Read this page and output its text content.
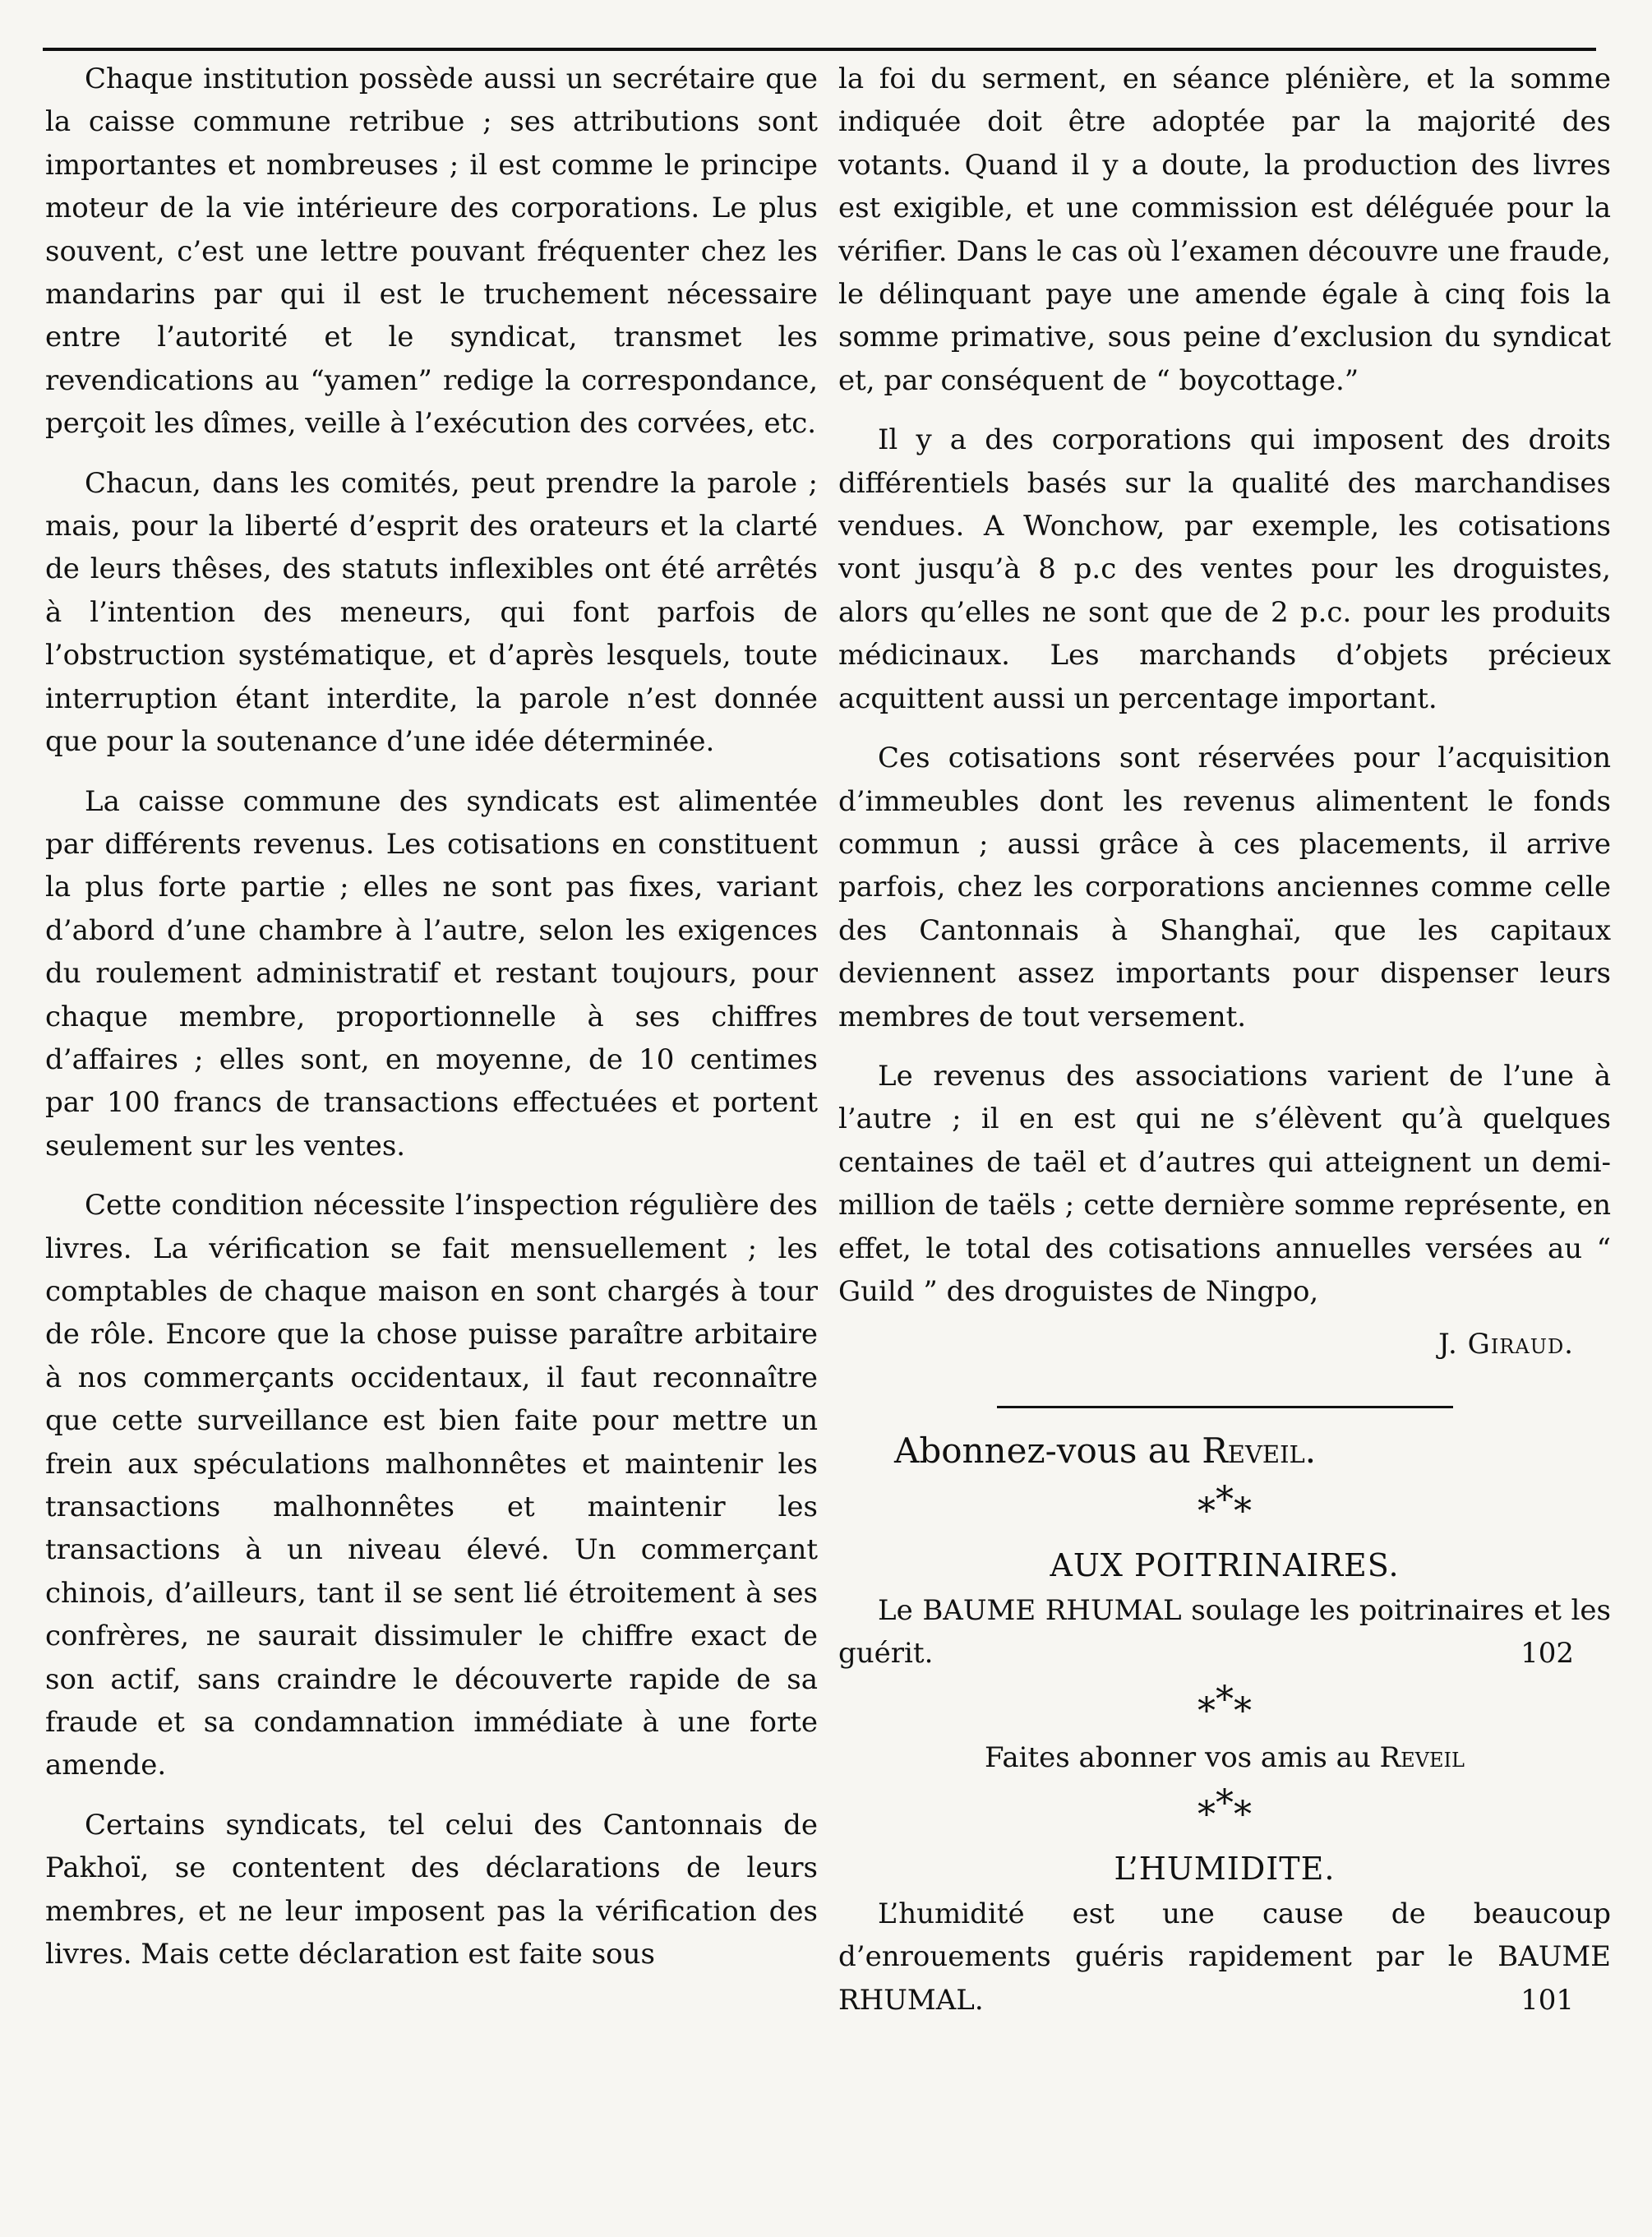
Chaque institution possède aussi un secrétaire que la caisse commune retribue ; ses attributions sont importantes et nombreuses ; il est comme le principe moteur de la vie intérieure des corporations. Le plus souvent, c’est une lettre pouvant fréquenter chez les mandarins par qui il est le truchement nécessaire entre l’autorité et le syndicat, transmet les revendications au “yamen” redige la correspondance, perçoit les dîmes, veille à l’exécution des corvées, etc.

Chacun, dans les comités, peut prendre la parole ; mais, pour la liberté d’esprit des orateurs et la clarté de leurs thêses, des statuts inflexibles ont été arrêtés à l’intention des meneurs, qui font parfois de l’obstruction systématique, et d’après lesquels, toute interruption étant interdite, la parole n’est donnée que pour la soutenance d’une idée déterminée.

La caisse commune des syndicats est alimentée par différents revenus. Les cotisations en constituent la plus forte partie ; elles ne sont pas fixes, variant d’abord d’une chambre à l’autre, selon les exigences du roulement administratif et restant toujours, pour chaque membre, proportionnelle à ses chiffres d’affaires ; elles sont, en moyenne, de 10 centimes par 100 francs de transactions effectuées et portent seulement sur les ventes.

Cette condition nécessite l’inspection régulière des livres. La vérification se fait mensuellement ; les comptables de chaque maison en sont chargés à tour de rôle. Encore que la chose puisse paraître arbitaire à nos commerçants occidentaux, il faut reconnaître que cette surveillance est bien faite pour mettre un frein aux spéculations malhonnêtes et maintenir les transactions malhonnêtes et maintenir les transactions à un niveau élevé. Un commerçant chinois, d’ailleurs, tant il se sent lié étroitement à ses confrères, ne saurait dissimuler le chiffre exact de son actif, sans craindre le découverte rapide de sa fraude et sa condamnation immédiate à une forte amende.

Certains syndicats, tel celui des Cantonnais de Pakhoï, se contentent des déclarations de leurs membres, et ne leur imposent pas la vérification des livres. Mais cette déclaration est faite sous

la foi du serment, en séance plénière, et la somme indiquée doit être adoptée par la majorité des votants. Quand il y a doute, la production des livres est exigible, et une commission est déléguée pour la vérifier. Dans le cas où l’examen découvre une fraude, le délinquant paye une amende égale à cinq fois la somme primative, sous peine d’exclusion du syndicat et, par conséquent de “ boycottage.”

Il y a des corporations qui imposent des droits différentiels basés sur la qualité des marchandises vendues. A Wonchow, par exemple, les cotisations vont jusqu’à 8 p.c des ventes pour les droguistes, alors qu’elles ne sont que de 2 p.c. pour les produits médicinaux. Les marchands d’objets précieux acquittent aussi un percentage important.

Ces cotisations sont réservées pour l’acquisition d’immeubles dont les revenus alimentent le fonds commun ; aussi grâce à ces placements, il arrive parfois, chez les corporations anciennes comme celle des Cantonnais à Shanghaï, que les capitaux deviennent assez importants pour dispenser leurs membres de tout versement.

Le revenus des associations varient de l’une à l’autre ; il en est qui ne s’élèvent qu’à quelques centaines de taël et d’autres qui atteignent un demi-million de taëls ; cette dernière somme représente, en effet, le total des cotisations annuelles versées au “ Guild ” des droguistes de Ningpo,

J. Giraud.
Abonnez-vous au Reveil.
***
AUX POITRINAIRES.
Le BAUME RHUMAL soulage les poitrinaires et les guérit.	102
***
Faites abonner vos amis au Reveil
***
L’HUMIDITE.
L’humidité est une cause de beaucoup d’enrouements guéris rapidement par le BAUME RHUMAL.	101
